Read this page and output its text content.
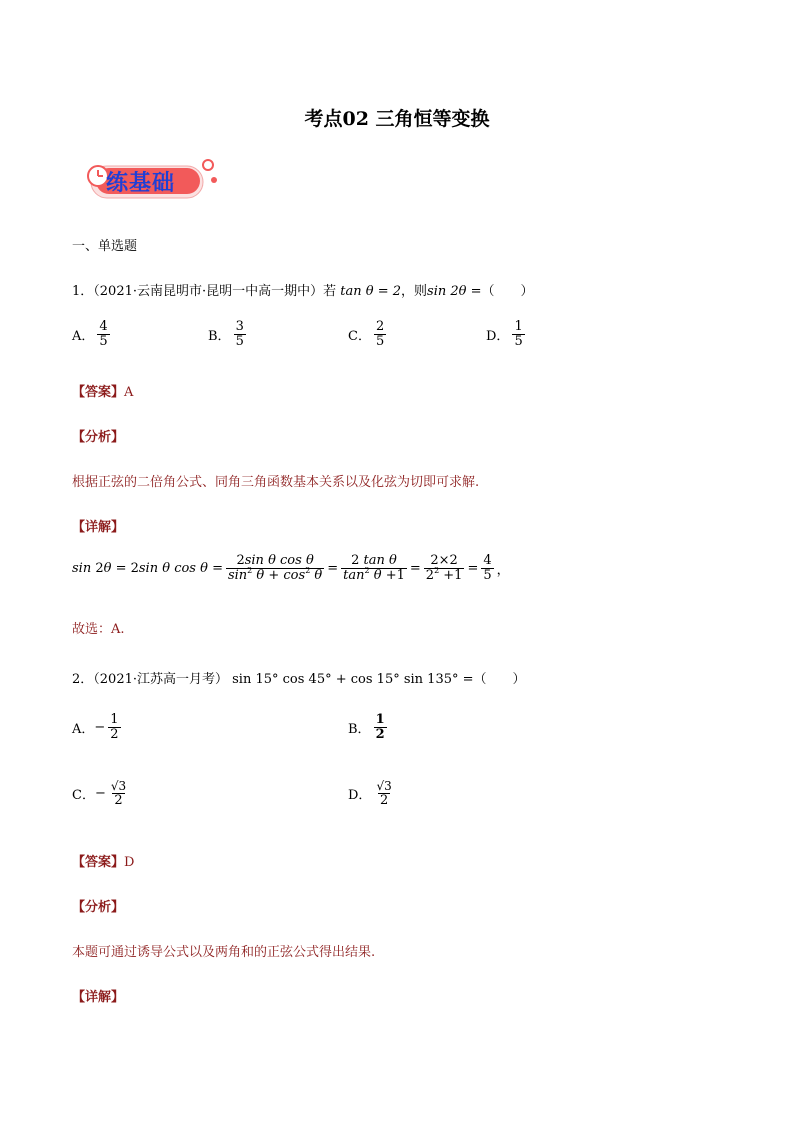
考点02 三角恒等变换
练基础
一、单选题
1．（2021·云南昆明市·昆明一中高一期中）若 tan θ = 2，则sin 2θ =（　　）
A． $\frac{4}{5}$	B． $\frac{3}{5}$	C． $\frac{2}{5}$	D． $\frac{1}{5}$
【答案】A
【分析】
根据正弦的二倍角公式、同角三角函数基本关系以及化弦为切即可求解.
【详解】
sin 2 θ = 2 sin
θ
cos
$\theta = \frac{\text{2sin θ cos θ}}{\sin^2 \theta + \cos^2 \theta} = \frac{\text{2 tan θ}}{\tan^2 \theta +1} = \frac{2\times 2}{2^2 +1} = \frac{4}{5}$ ，
故选：A.
2．（2021·江苏高一月考） sin 15° cos 45° + cos 15° sin 135° =（　　）
A． − $\frac{1}{2}$	B． $\frac{1}{2}$
C． − $\frac{√3}{2}$	D． $\frac{√3}{2}$
【答案】D
【分析】
本题可通过诱导公式以及两角和的正弦公式得出结果.
【详解】
